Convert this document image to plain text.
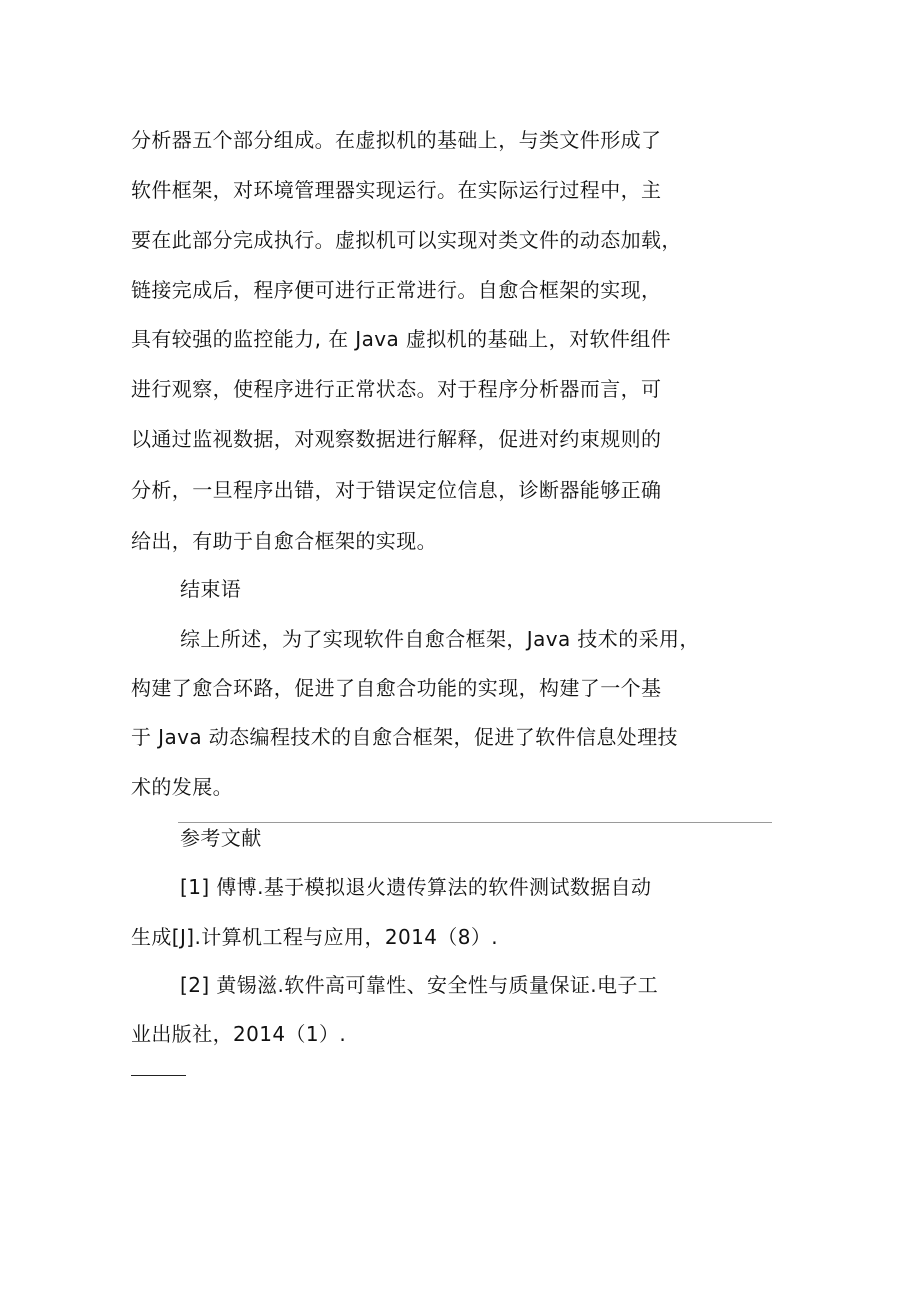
分析器五个部分组成。在虚拟机的基础上，与类文件形成了
软件框架，对环境管理器实现运行。在实际运行过程中，主
要在此部分完成执行。虚拟机可以实现对类文件的动态加载，
链接完成后，程序便可进行正常进行。自愈合框架的实现，
具有较强的监控能力, 在 Java 虚拟机的基础上，对软件组件
进行观察，使程序进行正常状态。对于程序分析器而言，可
以通过监视数据，对观察数据进行解释，促进对约束规则的
分析，一旦程序出错，对于错误定位信息，诊断器能够正确
给出，有助于自愈合框架的实现。
结束语
综上所述，为了实现软件自愈合框架，Java 技术的采用，
构建了愈合环路，促进了自愈合功能的实现，构建了一个基
于 Java 动态编程技术的自愈合框架，促进了软件信息处理技
术的发展。
参考文献
[1] 傅博.基于模拟退火遗传算法的软件测试数据自动
生成[J].计算机工程与应用，2014（8）.
[2] 黄锡滋.软件高可靠性、安全性与质量保证.电子工
业出版社，2014（1）.
